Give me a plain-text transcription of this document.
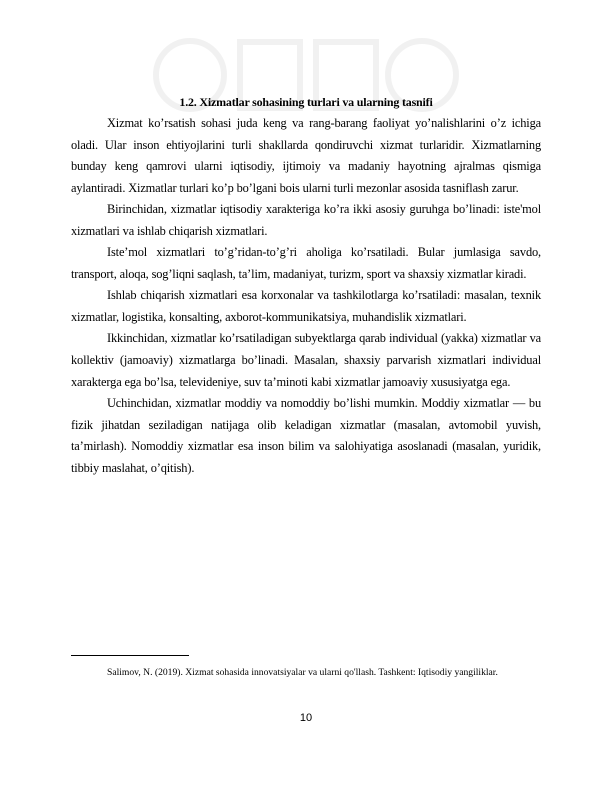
1.2. Xizmatlar sohasining turlari va ularning tasnifi

Xizmat ko’rsatish sohasi juda keng va rang-barang faoliyat yo’nalishlarini o’z ichiga oladi. Ular inson ehtiyojlarini turli shakllarda qondiruvchi xizmat turlaridir. Xizmatlarning bunday keng qamrovi ularni iqtisodiy, ijtimoiy va madaniy hayotning ajralmas qismiga aylantiradi. Xizmatlar turlari ko’p bo’lgani bois ularni turli mezonlar asosida tasniflash zarur.

Birinchidan, xizmatlar iqtisodiy xarakteriga ko’ra ikki asosiy guruhga bo’linadi: iste'mol xizmatlari va ishlab chiqarish xizmatlari.

Iste’mol xizmatlari to’g’ridan-to’g’ri aholiga ko’rsatiladi. Bular jumlasiga savdo, transport, aloqa, sog’liqni saqlash, ta’lim, madaniyat, turizm, sport va shaxsiy xizmatlar kiradi.

Ishlab chiqarish xizmatlari esa korxonalar va tashkilotlarga ko’rsatiladi: masalan, texnik xizmatlar, logistika, konsalting, axborot-kommunikatsiya, muhandislik xizmatlari.

Ikkinchidan, xizmatlar ko’rsatiladigan subyektlarga qarab individual (yakka) xizmatlar va kollektiv (jamoaviy) xizmatlarga bo’linadi. Masalan, shaxsiy parvarish xizmatlari individual xarakterga ega bo’lsa, televideniye, suv ta’minoti kabi xizmatlar jamoaviy xususiyatga ega.

Uchinchidan, xizmatlar moddiy va nomoddiy bo’lishi mumkin. Moddiy xizmatlar — bu fizik jihatdan seziladigan natijaga olib keladigan xizmatlar (masalan, avtomobil yuvish, ta’mirlash). Nomoddiy xizmatlar esa inson bilim va salohiyatiga asoslanadi (masalan, yuridik, tibbiy maslahat, o’qitish).

Salimov, N. (2019). Xizmat sohasida innovatsiyalar va ularni qo'llash. Tashkent: Iqtisodiy yangiliklar.

10
